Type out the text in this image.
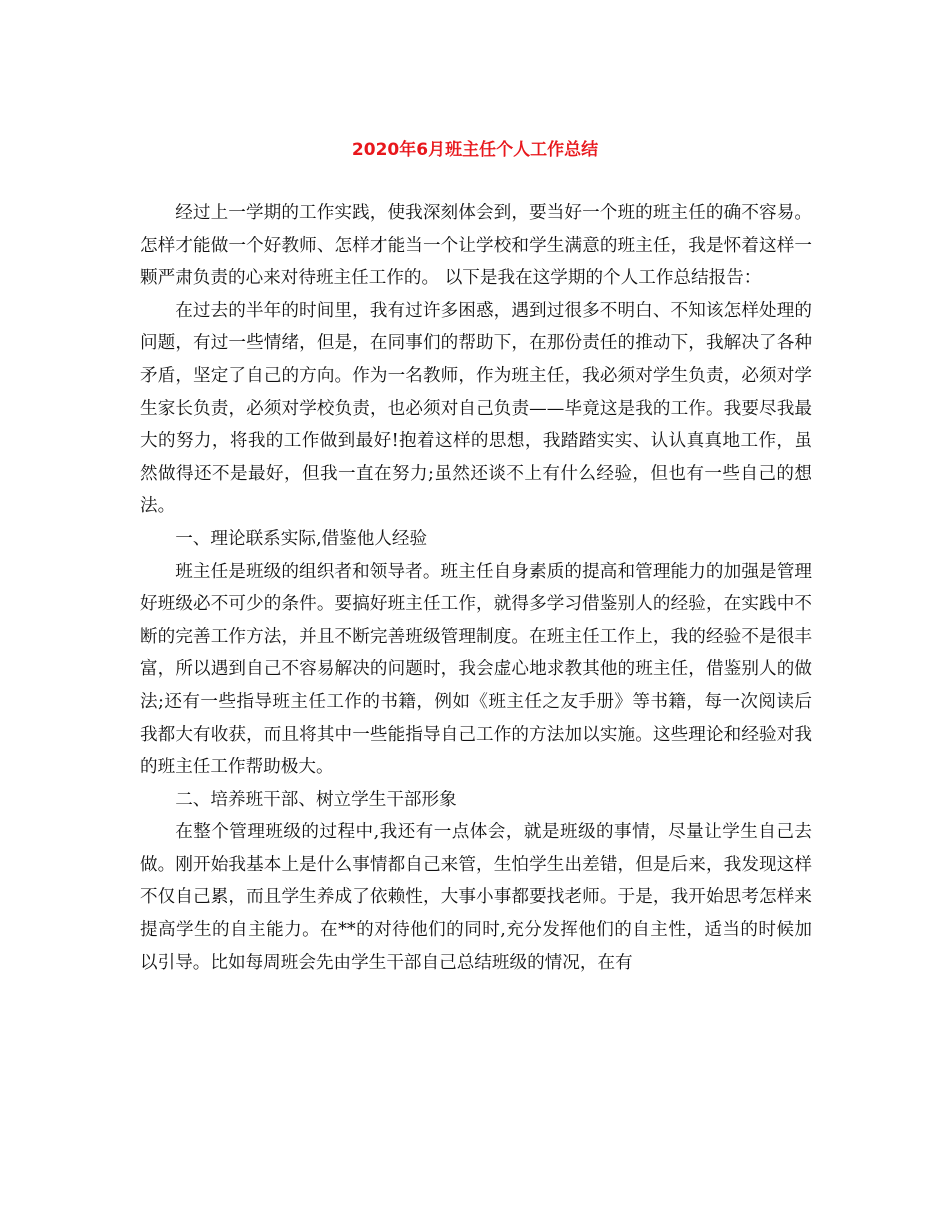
2020年6月班主任个人工作总结

经过上一学期的工作实践，使我深刻体会到，要当好一个班的班主任的确不容易。怎样才能做一个好教师、怎样才能当一个让学校和学生满意的班主任，我是怀着这样一颗严肃负责的心来对待班主任工作的。 以下是我在这学期的个人工作总结报告：

在过去的半年的时间里，我有过许多困惑，遇到过很多不明白、不知该怎样处理的问题，有过一些情绪，但是，在同事们的帮助下，在那份责任的推动下，我解决了各种矛盾，坚定了自己的方向。作为一名教师，作为班主任，我必须对学生负责，必须对学生家长负责，必须对学校负责，也必须对自己负责——毕竟这是我的工作。我要尽我最大的努力，将我的工作做到最好!抱着这样的思想，我踏踏实实、认认真真地工作，虽然做得还不是最好，但我一直在努力;虽然还谈不上有什么经验，但也有一些自己的想法。

一、理论联系实际,借鉴他人经验

班主任是班级的组织者和领导者。班主任自身素质的提高和管理能力的加强是管理好班级必不可少的条件。要搞好班主任工作，就得多学习借鉴别人的经验，在实践中不断的完善工作方法，并且不断完善班级管理制度。在班主任工作上，我的经验不是很丰富，所以遇到自己不容易解决的问题时，我会虚心地求教其他的班主任，借鉴别人的做法;还有一些指导班主任工作的书籍，例如《班主任之友手册》等书籍，每一次阅读后我都大有收获，而且将其中一些能指导自己工作的方法加以实施。这些理论和经验对我的班主任工作帮助极大。

二、培养班干部、树立学生干部形象

在整个管理班级的过程中,我还有一点体会，就是班级的事情，尽量让学生自己去做。刚开始我基本上是什么事情都自己来管，生怕学生出差错，但是后来，我发现这样不仅自己累，而且学生养成了依赖性，大事小事都要找老师。于是，我开始思考怎样来提高学生的自主能力。在**的对待他们的同时,充分发挥他们的自主性，适当的时候加以引导。比如每周班会先由学生干部自己总结班级的情况，在有
